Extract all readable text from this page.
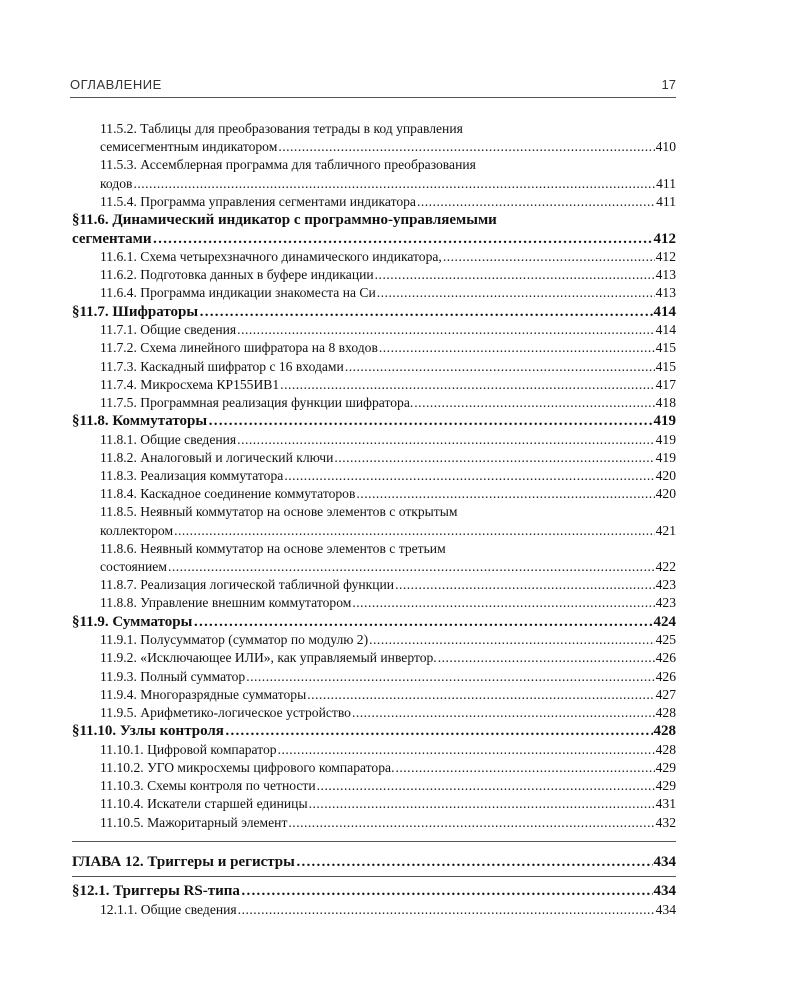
ОГЛАВЛЕНИЕ	17
11.5.2. Таблицы для преобразования тетрады в код управления
семисегментным индикатором .....	410
11.5.3. Ассемблерная программа для табличного преобразования
кодов .....	411
11.5.4. Программа управления сегментами индикатора .....	411
§11.6. Динамический индикатор с программно-управляемыми
сегментами …………………………………………………………………………………………………………………………………………	412
11.6.1. Схема четырехзначного динамического индикатора, .....	412
11.6.2. Подготовка данных в буфере индикации .....	413
11.6.4. Программа индикации знакоместа на Си .....	413
§11.7. Шифраторы …………………………………………………………………………………………………………………………………………	414
11.7.1. Общие сведения .....	414
11.7.2. Схема линейного шифратора на 8 входов .....	415
11.7.3. Каскадный шифратор с 16 входами .....	415
11.7.4. Микросхема КР155ИВ1 .....	417
11.7.5. Программная реализация функции шифратора. .....	418
§11.8. Коммутаторы …………………………………………………………………………………………………………………………………………	419
11.8.1. Общие сведения .....	419
11.8.2. Аналоговый и логический ключи .....	419
11.8.3. Реализация коммутатора .....	420
11.8.4. Каскадное соединение коммутаторов .....	420
11.8.5. Неявный коммутатор на основе элементов с открытым
коллектором .....	421
11.8.6. Неявный коммутатор на основе элементов с третьим
состоянием .....	422
11.8.7. Реализация логической табличной функции .....	423
11.8.8. Управление внешним коммутатором .....	423
§11.9. Сумматоры …………………………………………………………………………………………………………………………………………	424
11.9.1. Полусумматор (сумматор по модулю 2) .....	425
11.9.2. «Исключающее ИЛИ», как управляемый инвертор. .....	426
11.9.3. Полный сумматор .....	426
11.9.4. Многоразрядные сумматоры .....	427
11.9.5. Арифметико-логическое устройство .....	428
§11.10. Узлы контроля …………………………………………………………………………………………………………………………………………	428
11.10.1. Цифровой компаратор .....	428
11.10.2. УГО микросхемы цифрового компаратора. .....	429
11.10.3. Схемы контроля по четности .....	429
11.10.4. Искатели старшей единицы .....	431
11.10.5. Мажоритарный элемент .....	432
ГЛАВА 12. Триггеры и регистры …………………………………………………………………………………………………………………………………………	434
§12.1. Триггеры RS-типа …………………………………………………………………………………………………………………………………………	434
12.1.1. Общие сведения .....	434
